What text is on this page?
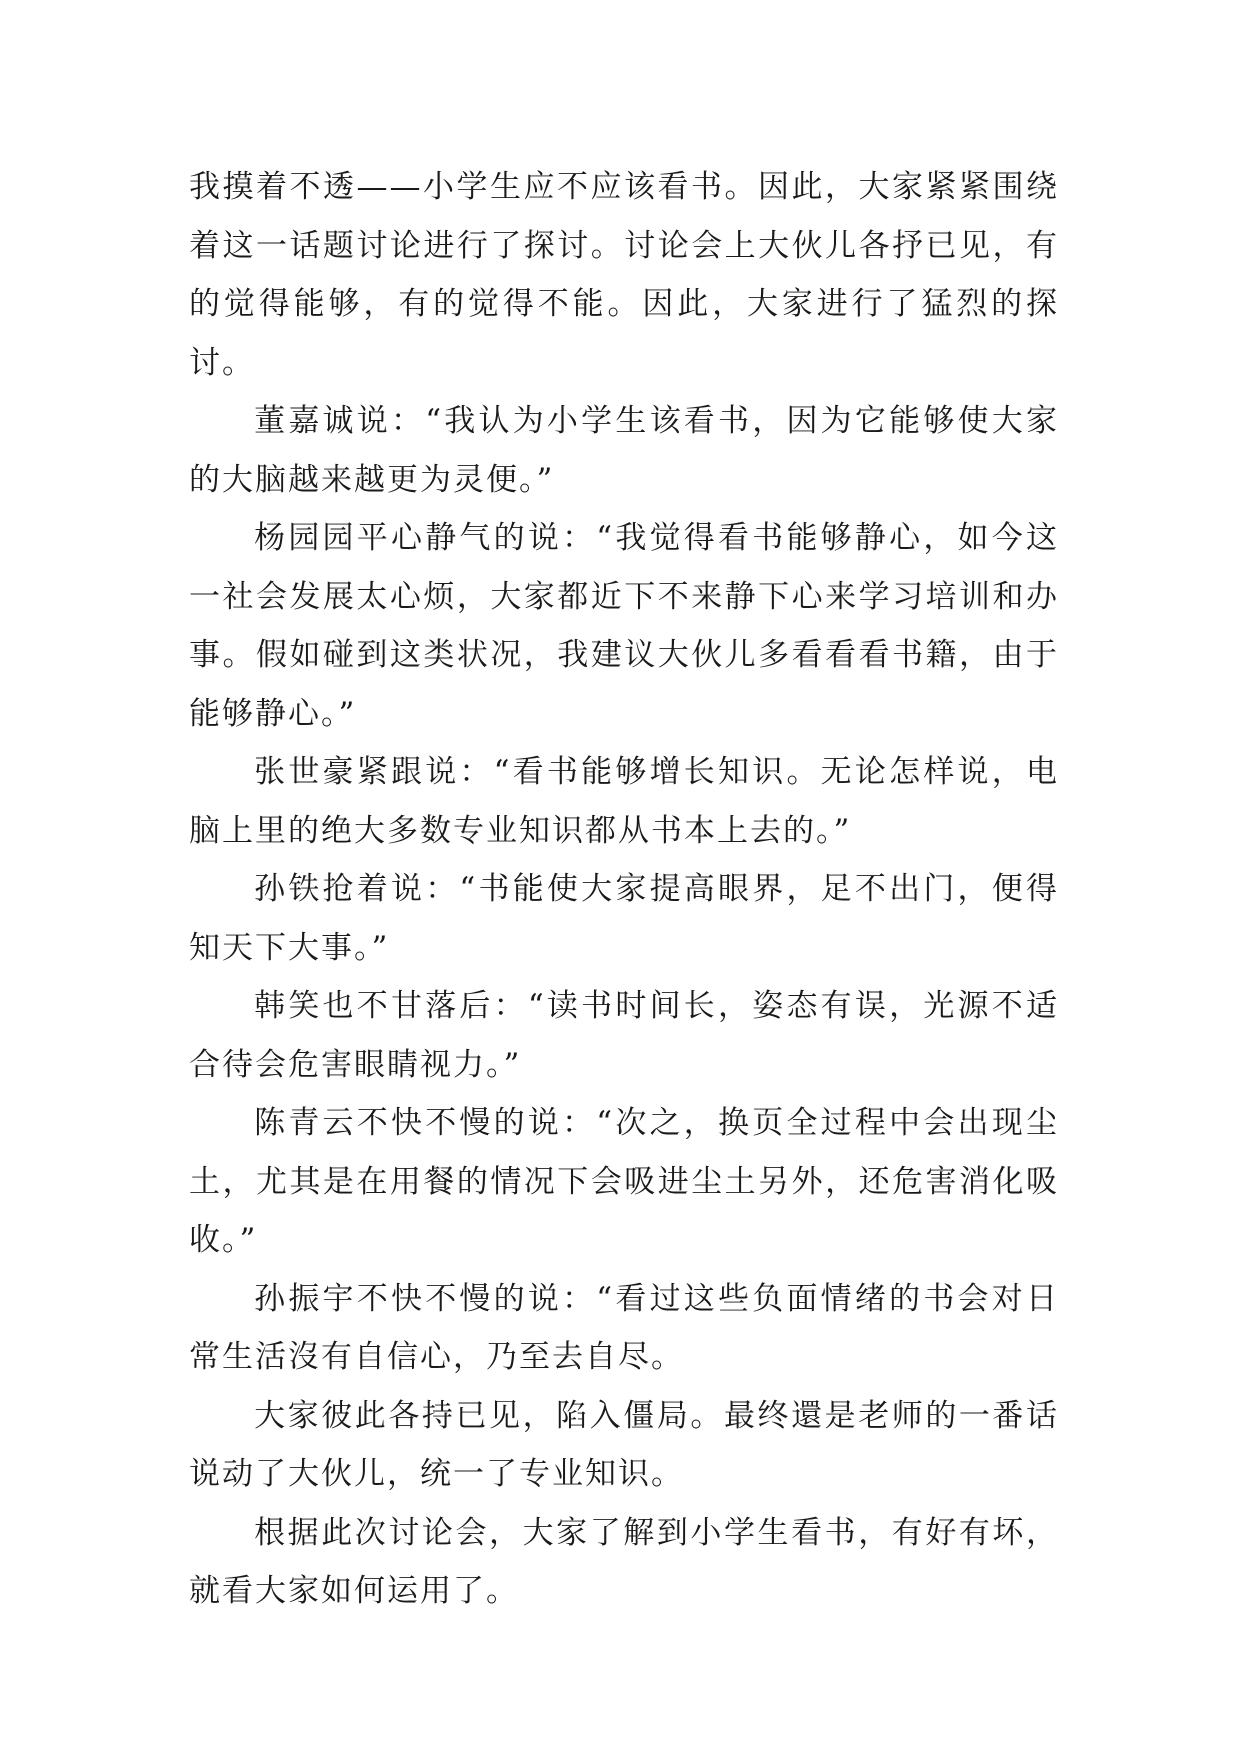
我摸着不透——小学生应不应该看书。因此，大家紧紧围绕着这一话题讨论进行了探讨。讨论会上大伙儿各抒已见，有的觉得能够，有的觉得不能。因此，大家进行了猛烈的探讨。

董嘉诚说：“我认为小学生该看书，因为它能够使大家的大脑越来越更为灵便。”

杨园园平心静气的说：“我觉得看书能够静心，如今这一社会发展太心烦，大家都近下不来静下心来学习培训和办事。假如碰到这类状况，我建议大伙儿多看看看书籍，由于能够静心。”

张世豪紧跟说：“看书能够增长知识。无论怎样说，电脑上里的绝大多数专业知识都从书本上去的。”

孙铁抢着说：“书能使大家提高眼界，足不出门，便得知天下大事。”

韩笑也不甘落后：“读书时间长，姿态有误，光源不适合待会危害眼睛视力。”

陈青云不快不慢的说：“次之，换页全过程中会出现尘土，尤其是在用餐的情况下会吸进尘土另外，还危害消化吸收。”

孙振宇不快不慢的说：“看过这些负面情绪的书会对日常生活沒有自信心，乃至去自尽。

大家彼此各持已见，陷入僵局。最终還是老师的一番话说动了大伙儿，统一了专业知识。

根据此次讨论会，大家了解到小学生看书，有好有坏，就看大家如何运用了。
